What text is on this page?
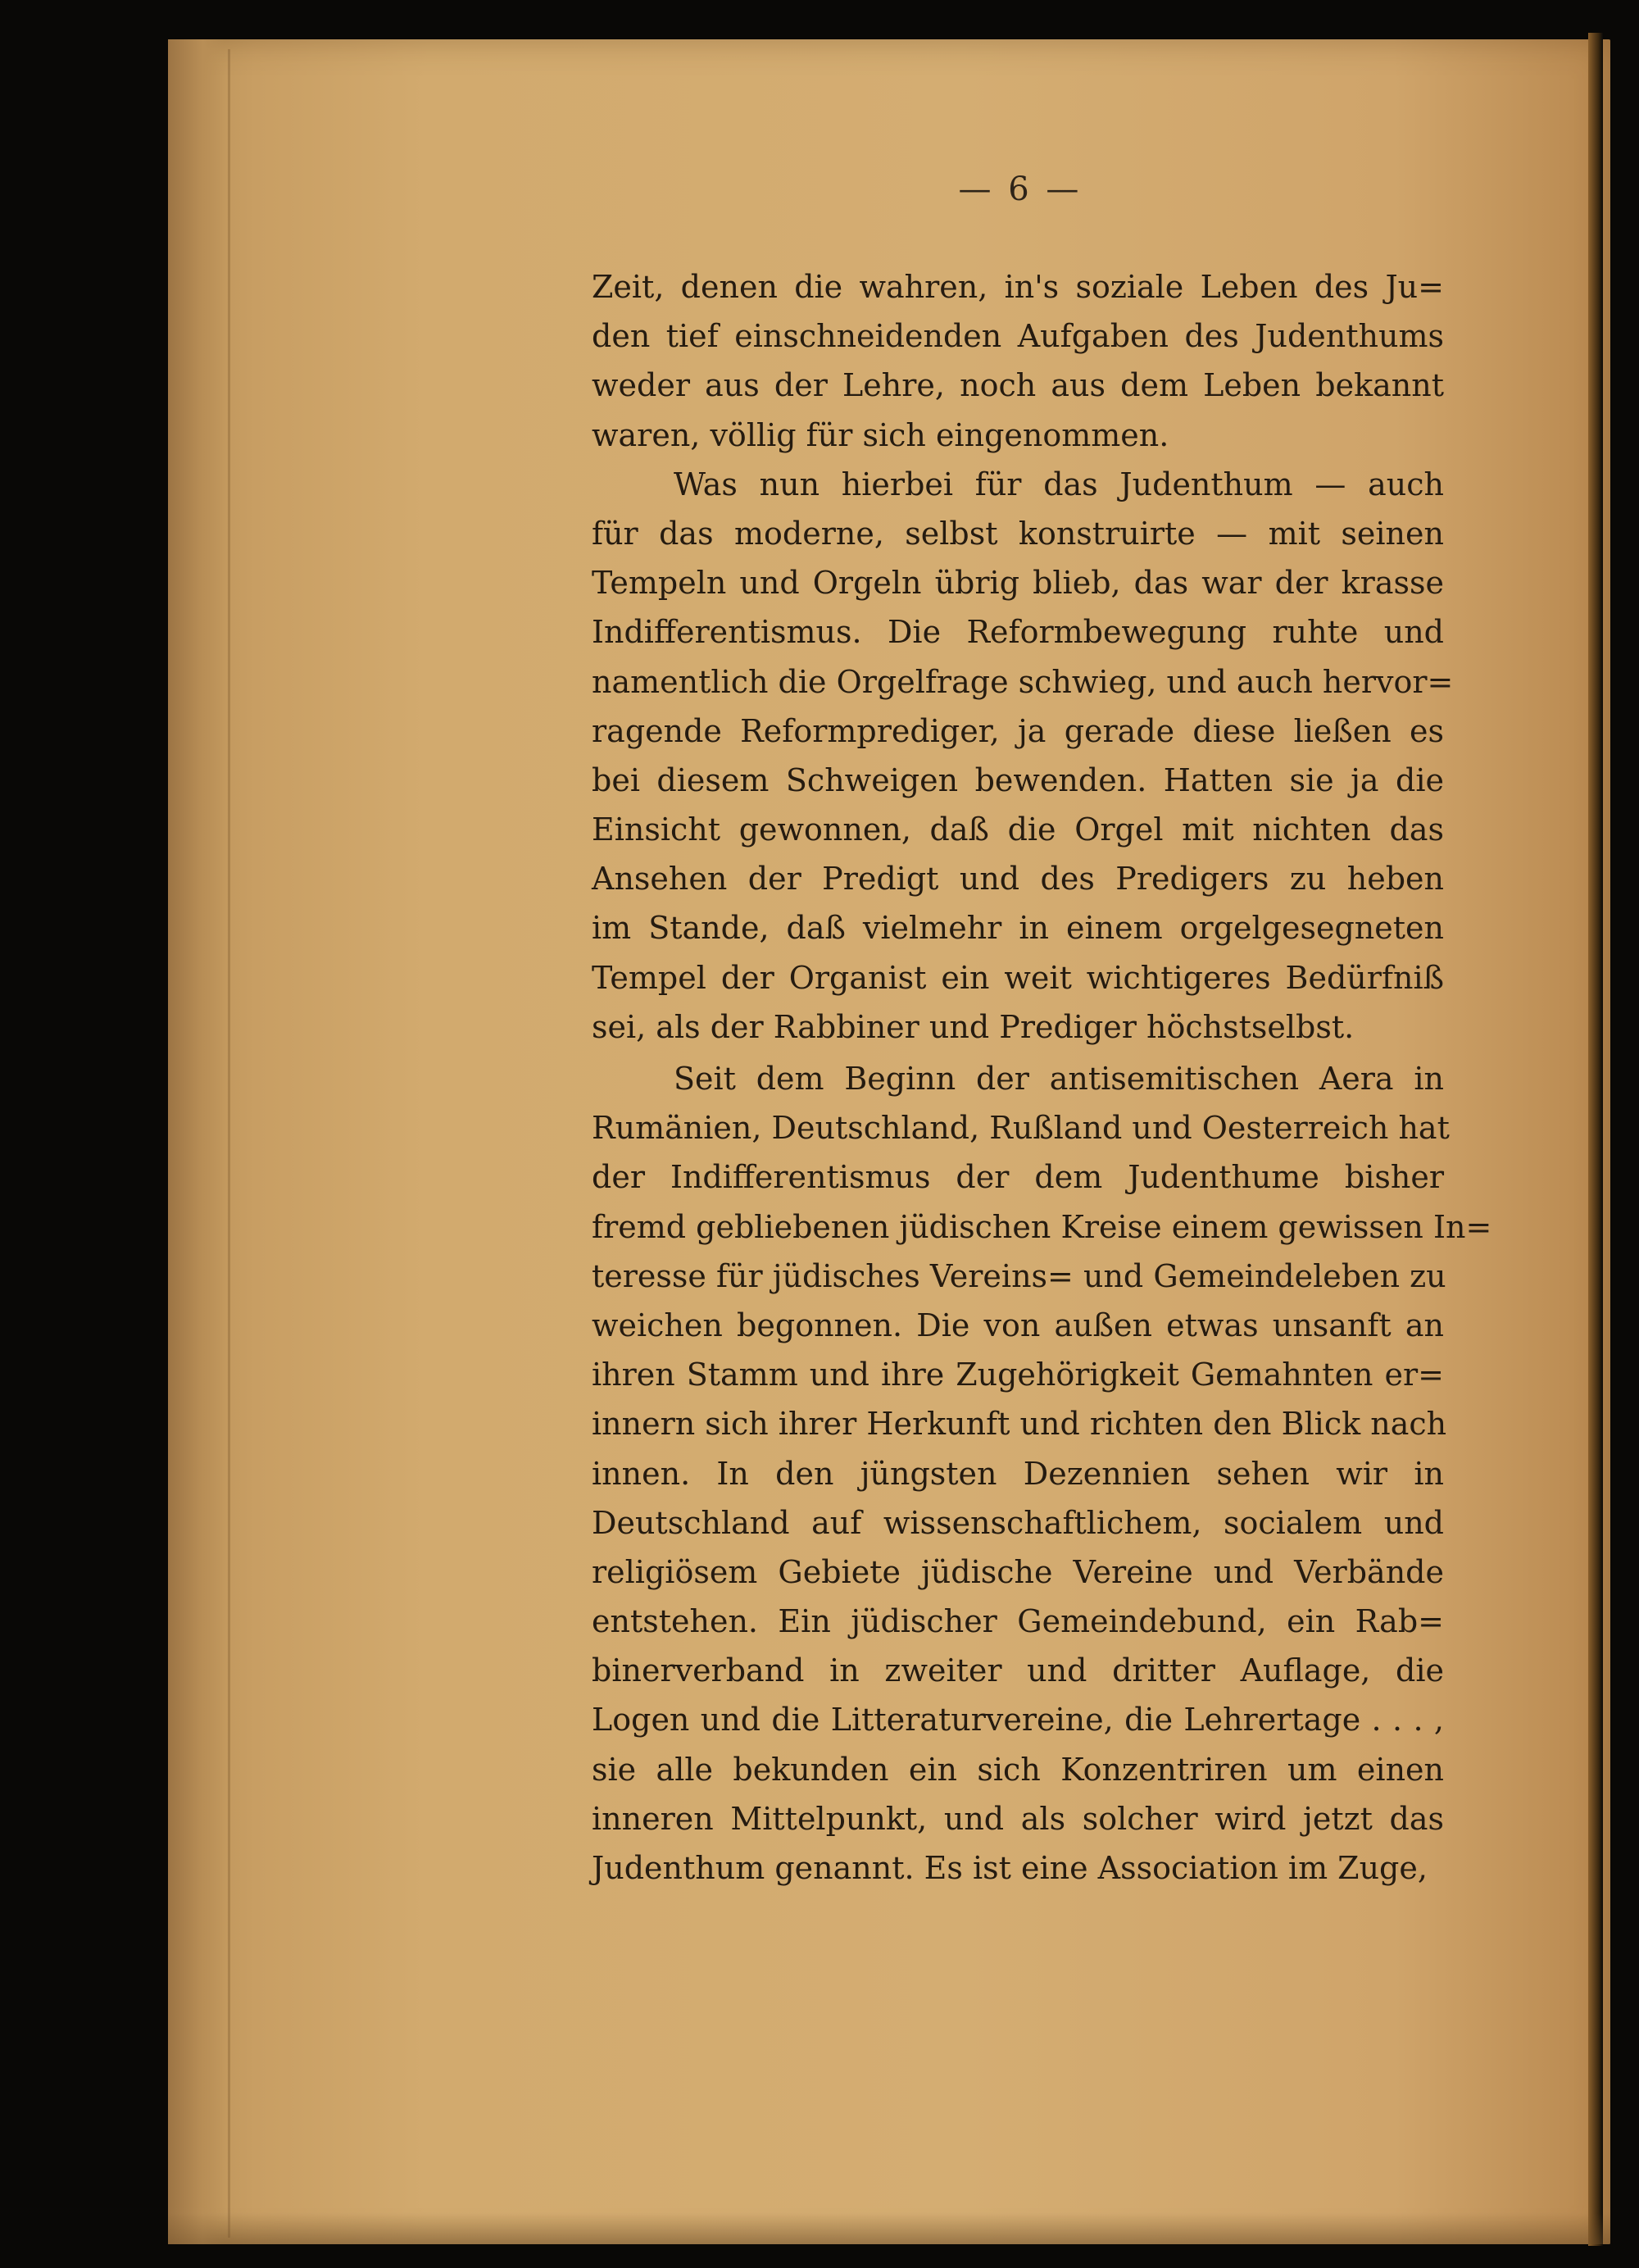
— 6 —
Zeit, denen die wahren, in's soziale Leben des Ju=
den tief einschneidenden Aufgaben des Judenthums
weder aus der Lehre, noch aus dem Leben bekannt
waren, völlig für sich eingenommen.
Was nun hierbei für das Judenthum — auch
für das moderne, selbst konstruirte — mit seinen
Tempeln und Orgeln übrig blieb, das war der krasse
Indifferentismus. Die Reformbewegung ruhte und
namentlich die Orgelfrage schwieg, und auch hervor=
ragende Reformprediger, ja gerade diese ließen es
bei diesem Schweigen bewenden. Hatten sie ja die
Einsicht gewonnen, daß die Orgel mit nichten das
Ansehen der Predigt und des Predigers zu heben
im Stande, daß vielmehr in einem orgelgesegneten
Tempel der Organist ein weit wichtigeres Bedürfniß
sei, als der Rabbiner und Prediger höchstselbst.
Seit dem Beginn der antisemitischen Aera in
Rumänien, Deutschland, Rußland und Oesterreich hat
der Indifferentismus der dem Judenthume bisher
fremd gebliebenen jüdischen Kreise einem gewissen In=
teresse für jüdisches Vereins= und Gemeindeleben zu
weichen begonnen. Die von außen etwas unsanft an
ihren Stamm und ihre Zugehörigkeit Gemahnten er=
innern sich ihrer Herkunft und richten den Blick nach
innen. In den jüngsten Dezennien sehen wir in
Deutschland auf wissenschaftlichem, socialem und
religiösem Gebiete jüdische Vereine und Verbände
entstehen. Ein jüdischer Gemeindebund, ein Rab=
binerverband in zweiter und dritter Auflage, die
Logen und die Litteraturvereine, die Lehrertage . . . ,
sie alle bekunden ein sich Konzentriren um einen
inneren Mittelpunkt, und als solcher wird jetzt das
Judenthum genannt. Es ist eine Association im Zuge,
